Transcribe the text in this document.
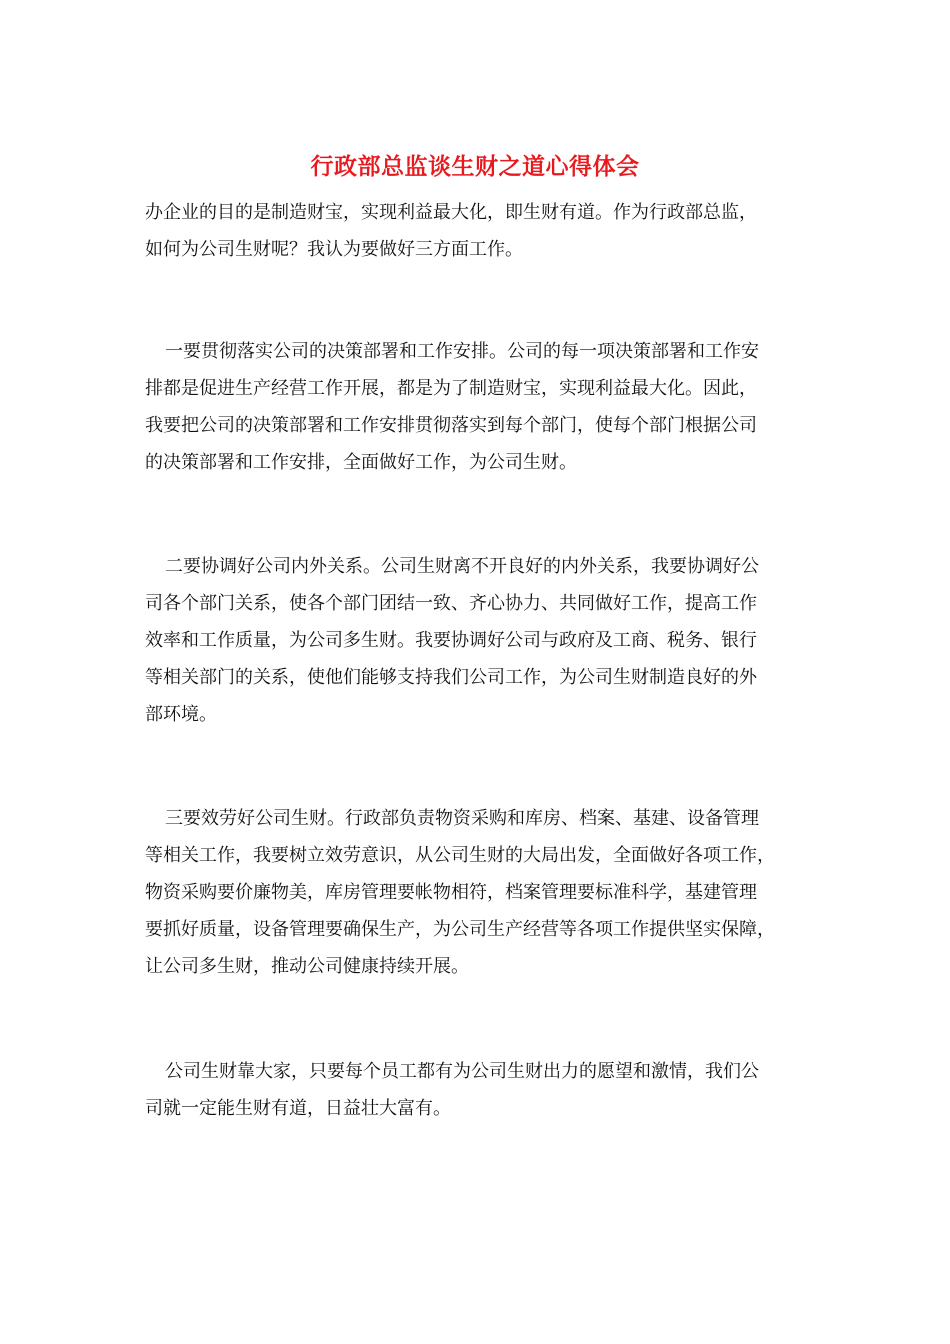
行政部总监谈生财之道心得体会
办企业的目的是制造财宝，实现利益最大化，即生财有道。作为行政部总监，
如何为公司生财呢？我认为要做好三方面工作。
一要贯彻落实公司的决策部署和工作安排。公司的每一项决策部署和工作安
排都是促进生产经营工作开展，都是为了制造财宝，实现利益最大化。因此，
我要把公司的决策部署和工作安排贯彻落实到每个部门，使每个部门根据公司
的决策部署和工作安排，全面做好工作，为公司生财。
二要协调好公司内外关系。公司生财离不开良好的内外关系，我要协调好公
司各个部门关系，使各个部门团结一致、齐心协力、共同做好工作，提高工作
效率和工作质量，为公司多生财。我要协调好公司与政府及工商、税务、银行
等相关部门的关系，使他们能够支持我们公司工作，为公司生财制造良好的外
部环境。
三要效劳好公司生财。行政部负责物资采购和库房、档案、基建、设备管理
等相关工作，我要树立效劳意识，从公司生财的大局出发，全面做好各项工作，
物资采购要价廉物美，库房管理要帐物相符，档案管理要标准科学，基建管理
要抓好质量，设备管理要确保生产，为公司生产经营等各项工作提供坚实保障，
让公司多生财，推动公司健康持续开展。
公司生财靠大家，只要每个员工都有为公司生财出力的愿望和激情，我们公
司就一定能生财有道，日益壮大富有。
